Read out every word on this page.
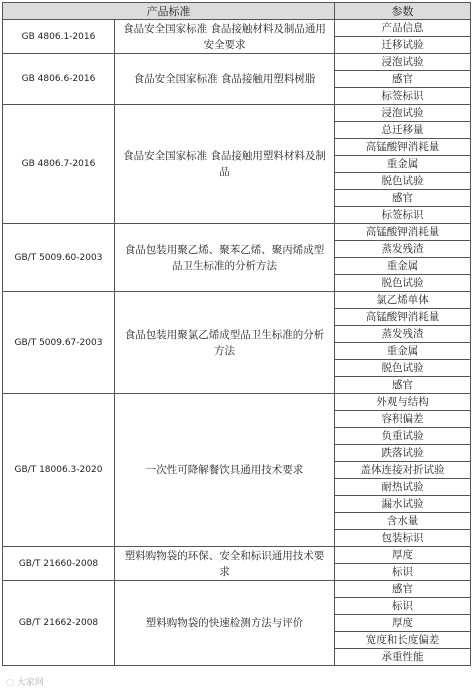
产品标准		参数
GB 4806.1-2016	食品安全国家标准 食品接触材料及制品通用安全要求	产品信息
		迁移试验
GB 4806.6-2016	食品安全国家标准 食品接触用塑料树脂	浸泡试验
		感官
		标签标识
GB 4806.7-2016	食品安全国家标准 食品接触用塑料材料及制品	浸泡试验
		总迁移量
		高锰酸钾消耗量
		重金属
		脱色试验
		感官
		标签标识
GB/T 5009.60-2003	食品包装用聚乙烯、聚苯乙烯、聚丙烯成型品卫生标准的分析方法	高锰酸钾消耗量
		蒸发残渣
		重金属
		脱色试验
GB/T 5009.67-2003	食品包装用聚氯乙烯成型品卫生标准的分析方法	氯乙烯单体
		高锰酸钾消耗量
		蒸发残渣
		重金属
		脱色试验
		感官
GB/T 18006.3-2020	一次性可降解餐饮具通用技术要求	外观与结构
		容积偏差
		负重试验
		跌落试验
		盖体连接对折试验
		耐热试验
		漏水试验
		含水量
		包装标识
GB/T 21660-2008	塑料购物袋的环保、安全和标识通用技术要求	厚度
		标识
GB/T 21662-2008	塑料购物袋的快速检测方法与评价	感官
		标识
		厚度
		宽度和长度偏差
		承重性能
◌ 大家网
